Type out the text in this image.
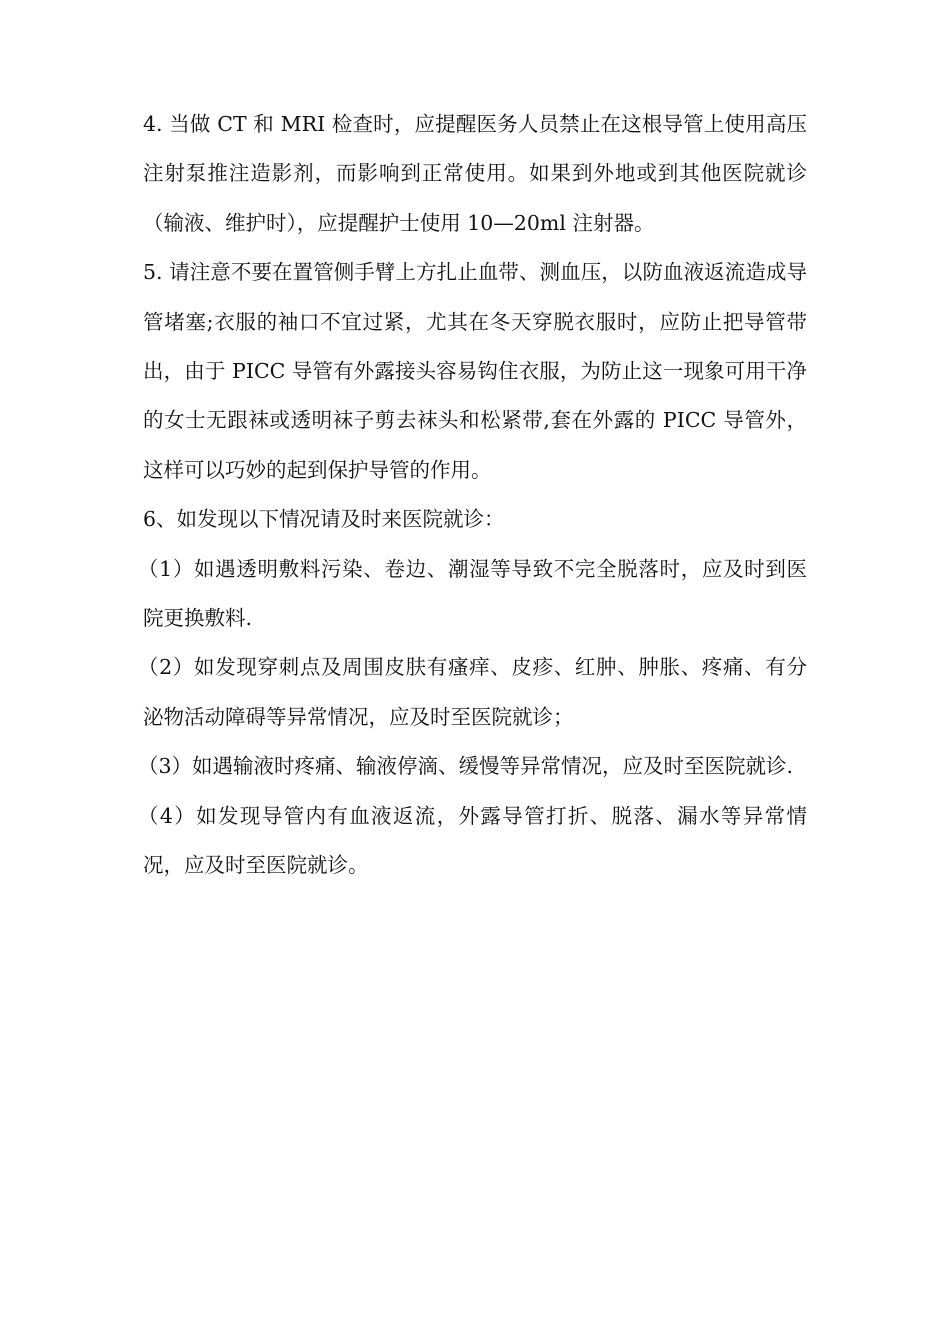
4. 当做 CT 和 MRI 检查时，应提醒医务人员禁止在这根导管上使用高压注射泵推注造影剂，而影响到正常使用。如果到外地或到其他医院就诊（输液、维护时），应提醒护士使用 10—20ml 注射器。

5. 请注意不要在置管侧手臂上方扎止血带、测血压，以防血液返流造成导管堵塞;衣服的袖口不宜过紧，尤其在冬天穿脱衣服时，应防止把导管带出，由于 PICC 导管有外露接头容易钩住衣服，为防止这一现象可用干净的女士无跟袜或透明袜子剪去袜头和松紧带,套在外露的 PICC 导管外，这样可以巧妙的起到保护导管的作用。

6、如发现以下情况请及时来医院就诊：

（1）如遇透明敷料污染、卷边、潮湿等导致不完全脱落时，应及时到医院更换敷料.

（2）如发现穿刺点及周围皮肤有瘙痒、皮疹、红肿、肿胀、疼痛、有分泌物活动障碍等异常情况，应及时至医院就诊；

（3）如遇输液时疼痛、输液停滴、缓慢等异常情况，应及时至医院就诊.

（4）如发现导管内有血液返流，外露导管打折、脱落、漏水等异常情况，应及时至医院就诊。
